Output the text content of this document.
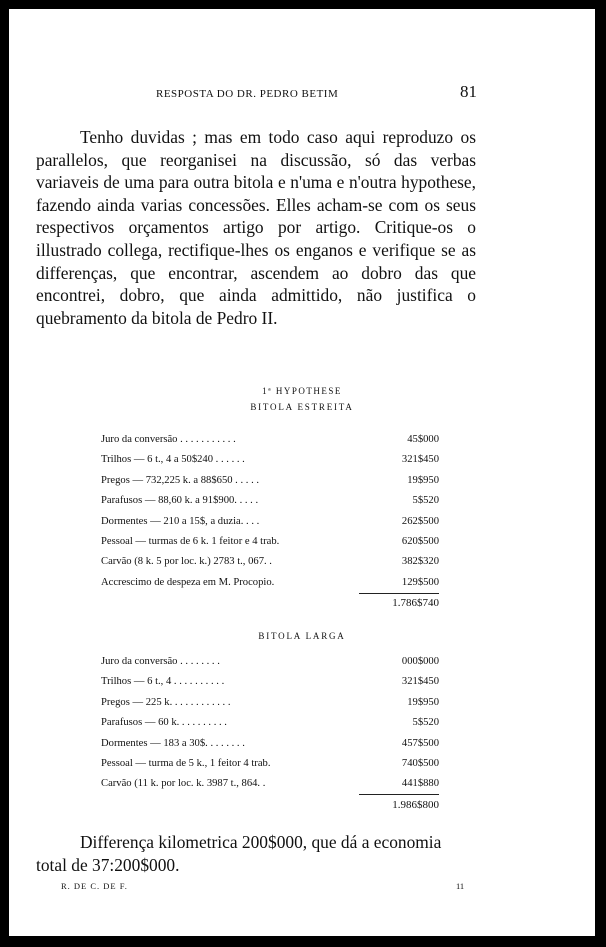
RESPOSTA DO DR. PEDRO BETIM	81
Tenho duvidas ; mas em todo caso aqui reproduzo os parallelos, que reorganisei na discussão, só das verbas variaveis de uma para outra bitola e n'uma e n'outra hypothese, fazendo ainda varias concessões. Elles acham-se com os seus respectivos orçamentos artigo por artigo. Critique-os o illustrado collega, rectifique-lhes os enganos e verifique se as differenças, que encontrar, ascendem ao dobro das que encontrei, dobro, que ainda admittido, não justifica o quebramento da bitola de Pedro II.
1ª HYPOTHESE
BITOLA ESTREITA
Juro da conversão . . . . . . . . . . .	45$000
Trilhos — 6 t., 4 a 50$240 . . . . . .	321$450
Pregos — 732,225 k. a 88$650 . . . . .	19$950
Parafusos — 88,60 k. a 91$900. . . . .	5$520
Dormentes — 210 a 15$, a duzia. . . .	262$500
Pessoal — turmas de 6 k. 1 feitor e 4 trab.	620$500
Carvão (8 k. 5 por loc. k.) 2783 t., 067. .	382$320
Accrescimo de despeza em M. Procopio.	129$500
1.786$740
BITOLA LARGA
Juro da conversão . . . . . . . .	000$000
Trilhos — 6 t., 4 . . . . . . . . . .	321$450
Pregos — 225 k. . . . . . . . . . . .	19$950
Parafusos — 60 k. . . . . . . . . .	5$520
Dormentes — 183 a 30$. . . . . . . .	457$500
Pessoal — turma de 5 k., 1 feitor 4 trab.	740$500
Carvão (11 k. por loc. k. 3987 t., 864. .	441$880
1.986$800
Differença kilometrica 200$000, que dá a economia total de 37:200$000.
R. DE C. DE F.	11
